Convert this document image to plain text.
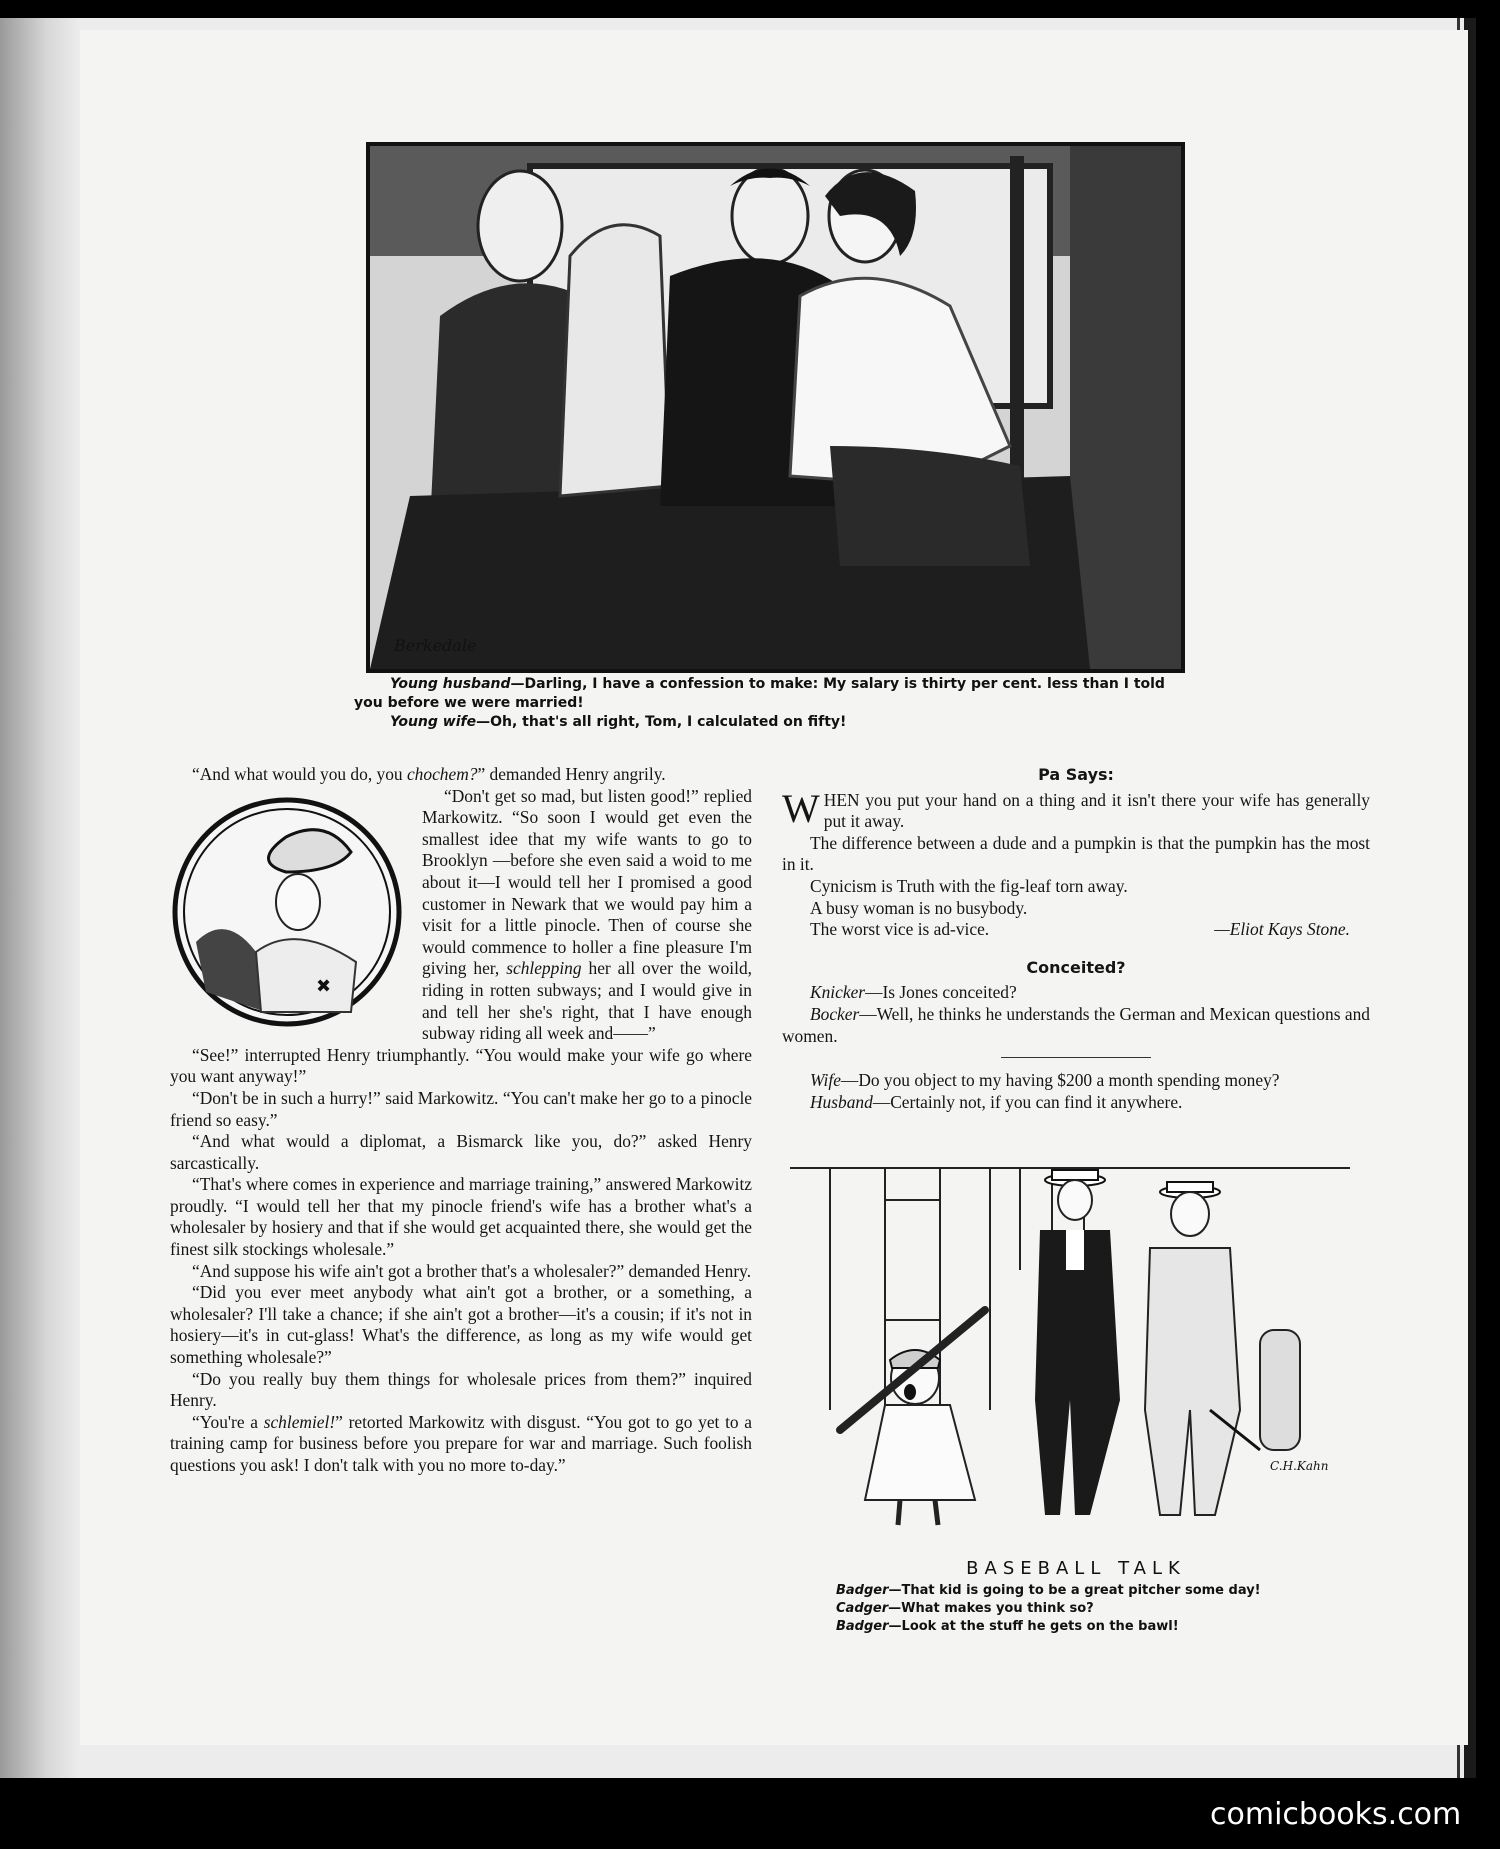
Berkedale
Young husband—Darling, I have a confession to make: My salary is thirty per cent. less than I told you before we were married!
Young wife—Oh, that's all right, Tom, I calculated on fifty!

“And what would you do, you chochem?” demanded Henry angrily.

✖
“Don't get so mad, but listen good!” replied Markowitz. “So soon I would get even the smallest idee that my wife wants to go to Brooklyn —before she even said a woid to me about it—I would tell her I promised a good customer in Newark that we would pay him a visit for a little pinocle. Then of course she would commence to holler a fine pleasure I'm giving her, schlepping her all over the woild, riding in rotten subways; and I would give in and tell her she's right, that I have enough subway riding all week and——”

“See!” interrupted Henry triumphantly. “You would make your wife go where you want anyway!”

“Don't be in such a hurry!” said Markowitz. “You can't make her go to a pinocle friend so easy.”

“And what would a diplomat, a Bismarck like you, do?” asked Henry sarcastically.

“That's where comes in experience and marriage training,” answered Markowitz proudly. “I would tell her that my pinocle friend's wife has a brother what's a wholesaler by hosiery and that if she would get acquainted there, she would get the finest silk stockings wholesale.”

“And suppose his wife ain't got a brother that's a wholesaler?” demanded Henry.

“Did you ever meet anybody what ain't got a brother, or a something, a wholesaler? I'll take a chance; if she ain't got a brother—it's a cousin; if it's not in hosiery—it's in cut-glass! What's the difference, as long as my wife would get something wholesale?”

“Do you really buy them things for wholesale prices from them?” inquired Henry.

“You're a schlemiel!” retorted Markowitz with disgust. “You got to go yet to a training camp for business before you prepare for war and marriage. Such foolish questions you ask! I don't talk with you no more to-day.”

Pa Says:

WHEN you put your hand on a thing and it isn't there your wife has generally put it away.

The difference between a dude and a pumpkin is that the pumpkin has the most in it.

Cynicism is Truth with the fig-leaf torn away.

A busy woman is no busybody.

The worst vice is ad-vice.	—Eliot Kays Stone.

Conceited?

Knicker—Is Jones conceited?

Bocker—Well, he thinks he understands the German and Mexican questions and women.

Wife—Do you object to my having $200 a month spending money?

Husband—Certainly not, if you can find it anywhere.

C.H.Kahn
BASEBALL TALK
Badger—That kid is going to be a great pitcher some day!
Cadger—What makes you think so?
Badger—Look at the stuff he gets on the bawl!
comicbooks.com
